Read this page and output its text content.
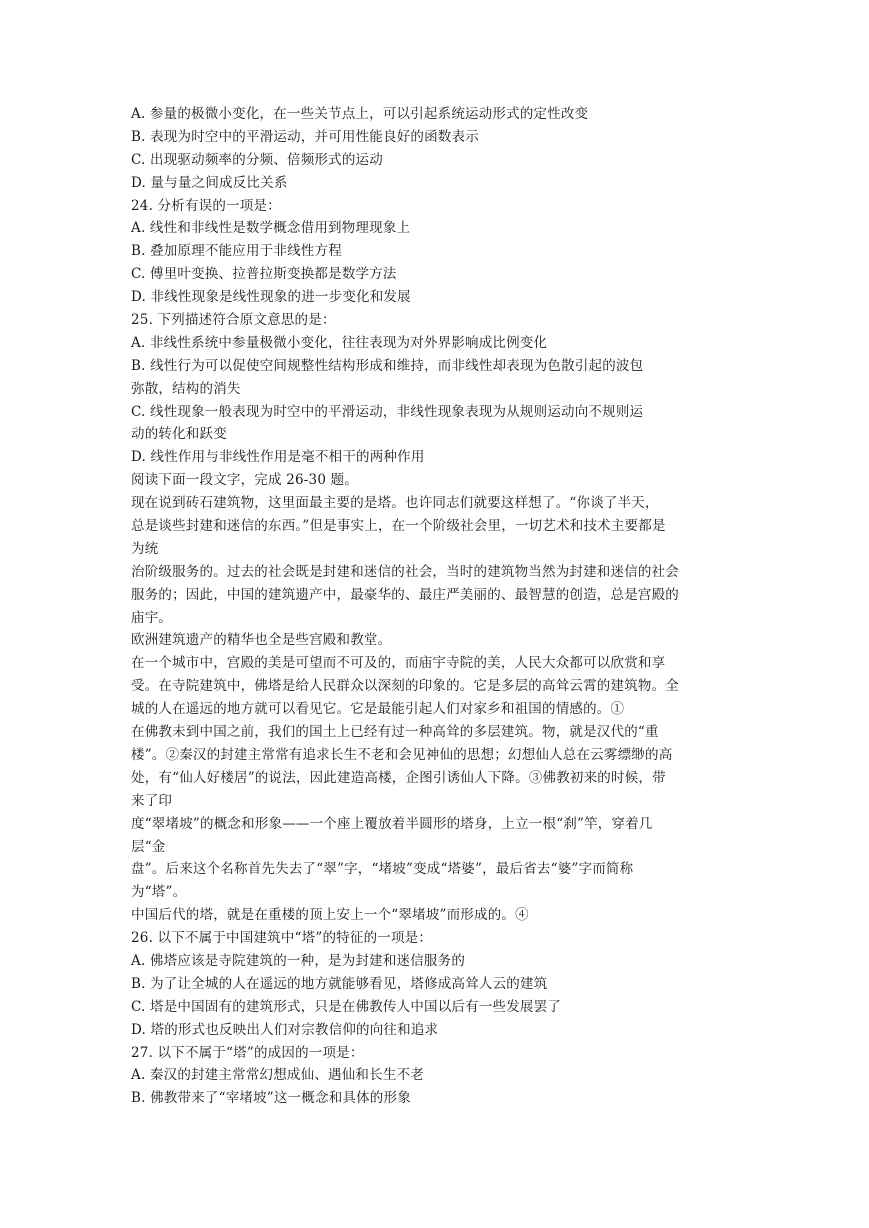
A. 参量的极微小变化，在一些关节点上，可以引起系统运动形式的定性改变
B. 表现为时空中的平滑运动，并可用性能良好的函数表示
C. 出现驱动频率的分频、倍频形式的运动
D. 量与量之间成反比关系
24. 分析有误的一项是：
A. 线性和非线性是数学概念借用到物理现象上
B. 叠加原理不能应用于非线性方程
C. 傅里叶变换、拉普拉斯变换都是数学方法
D. 非线性现象是线性现象的进一步变化和发展
25. 下列描述符合原文意思的是：
A. 非线性系统中参量极微小变化，往往表现为对外界影响成比例变化
B. 线性行为可以促使空间规整性结构形成和维持，而非线性却表现为色散引起的波包
弥散，结构的消失
C. 线性现象一般表现为时空中的平滑运动，非线性现象表现为从规则运动向不规则运
动的转化和跃变
D. 线性作用与非线性作用是毫不相干的两种作用
阅读下面一段文字，完成 26-30 题。
现在说到砖石建筑物，这里面最主要的是塔。也许同志们就要这样想了。“你谈了半天，
总是谈些封建和迷信的东西。”但是事实上，在一个阶级社会里，一切艺术和技术主要都是
为统
治阶级服务的。过去的社会既是封建和迷信的社会，当时的建筑物当然为封建和迷信的社会
服务的；因此，中国的建筑遗产中，最豪华的、最庄严美丽的、最智慧的创造，总是宫殿的
庙宇。
欧洲建筑遗产的精华也全是些宫殿和教堂。
在一个城市中，宫殿的美是可望而不可及的，而庙宇寺院的美，人民大众都可以欣赏和享
受。在寺院建筑中，佛塔是给人民群众以深刻的印象的。它是多层的高耸云霄的建筑物。全
城的人在遥远的地方就可以看见它。它是最能引起人们对家乡和祖国的情感的。①
在佛教未到中国之前，我们的国土上已经有过一种高耸的多层建筑。物，就是汉代的“重
楼”。②秦汉的封建主常常有追求长生不老和会见神仙的思想；幻想仙人总在云雾缥缈的高
处，有“仙人好楼居”的说法，因此建造高楼，企图引诱仙人下降。③佛教初来的时候，带
来了印
度“翠堵坡”的概念和形象——一个座上覆放着半圆形的塔身，上立一根“刹”竿，穿着几
层“金
盘”。后来这个名称首先失去了“翠”字，“堵坡”变成“塔婆”，最后省去“婆”字而简称
为“塔”。
中国后代的塔，就是在重楼的顶上安上一个“翠堵坡”而形成的。④
26. 以下不属于中国建筑中“塔”的特征的一项是：
A. 佛塔应该是寺院建筑的一种，是为封建和迷信服务的
B. 为了让全城的人在遥远的地方就能够看见，塔修成高耸人云的建筑
C. 塔是中国固有的建筑形式，只是在佛教传人中国以后有一些发展罢了
D. 塔的形式也反映出人们对宗教信仰的向往和追求
27. 以下不属于“塔”的成因的一项是：
A. 秦汉的封建主常常幻想成仙、遇仙和长生不老
B. 佛教带来了“宰堵坡”这一概念和具体的形象
